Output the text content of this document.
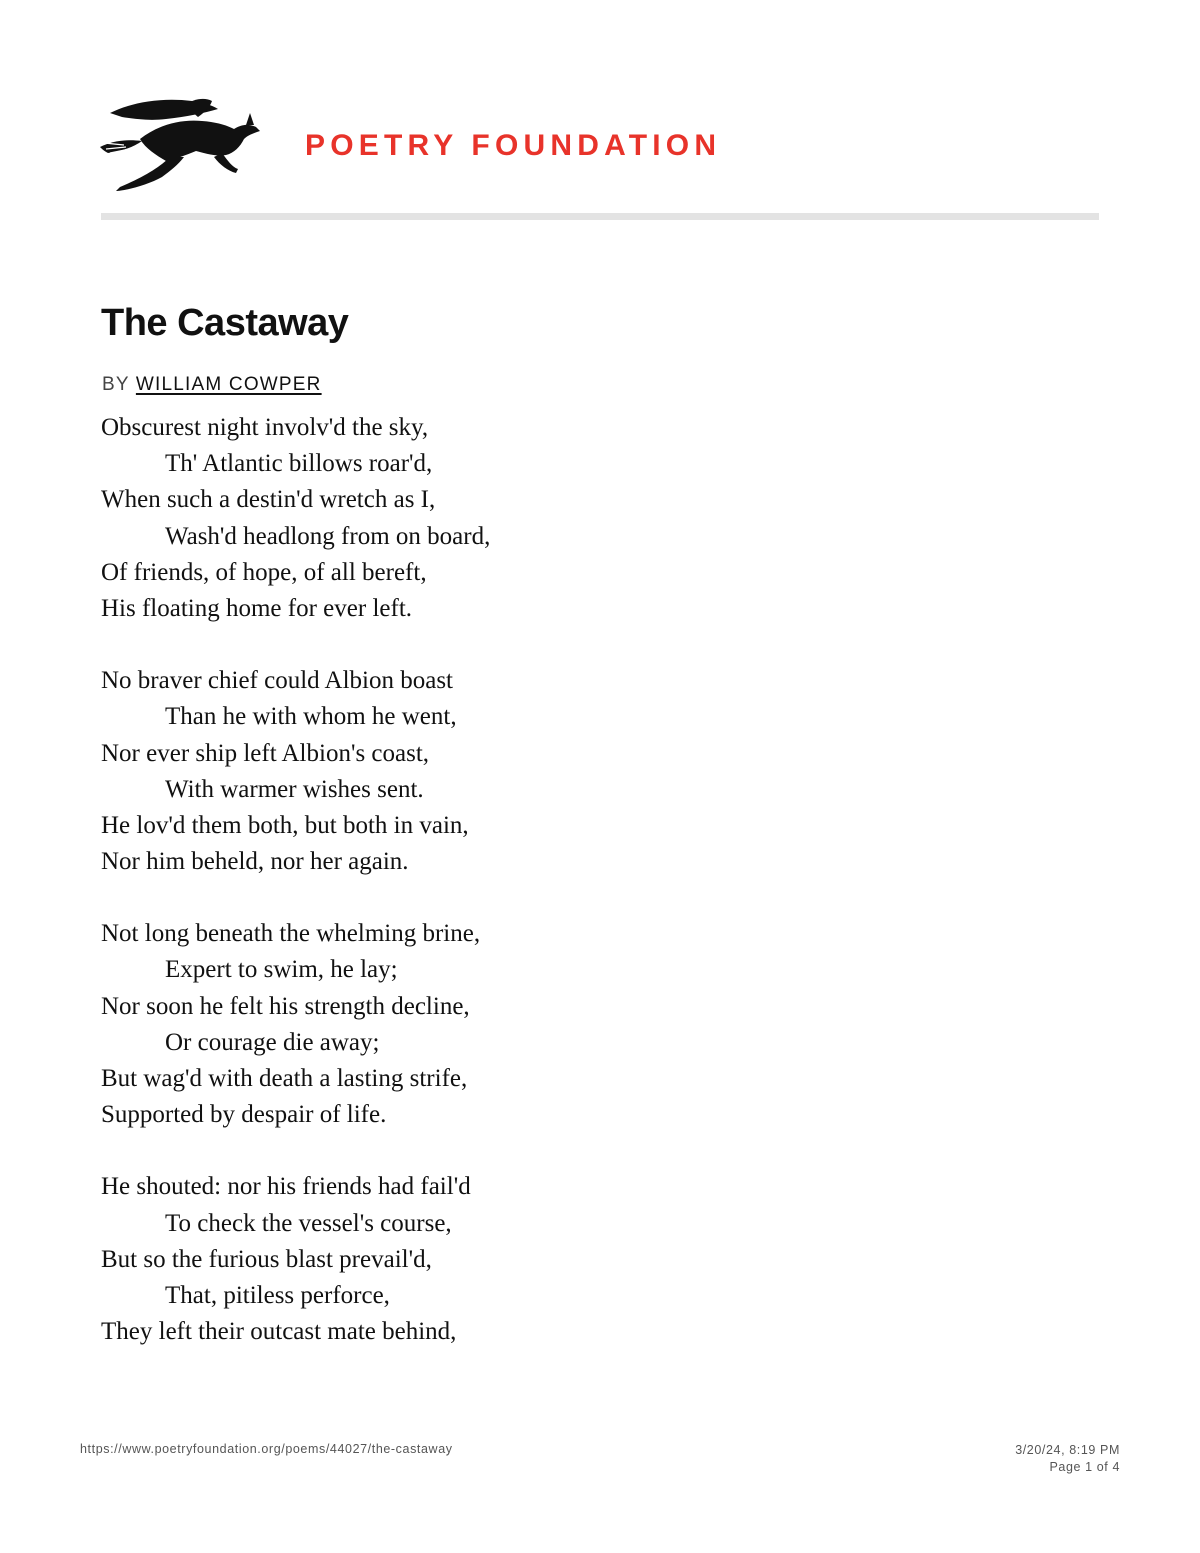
POETRY FOUNDATION
The Castaway
BY WILLIAM COWPER
Obscurest night involv'd the sky,
Th' Atlantic billows roar'd,
When such a destin'd wretch as I,
Wash'd headlong from on board,
Of friends, of hope, of all bereft,
His floating home for ever left.
No braver chief could Albion boast
Than he with whom he went,
Nor ever ship left Albion's coast,
With warmer wishes sent.
He lov'd them both, but both in vain,
Nor him beheld, nor her again.
Not long beneath the whelming brine,
Expert to swim, he lay;
Nor soon he felt his strength decline,
Or courage die away;
But wag'd with death a lasting strife,
Supported by despair of life.
He shouted: nor his friends had fail'd
To check the vessel's course,
But so the furious blast prevail'd,
That, pitiless perforce,
They left their outcast mate behind,
https://www.poetryfoundation.org/poems/44027/the-castaway	3/20/24, 8:19 PM
Page 1 of 4
